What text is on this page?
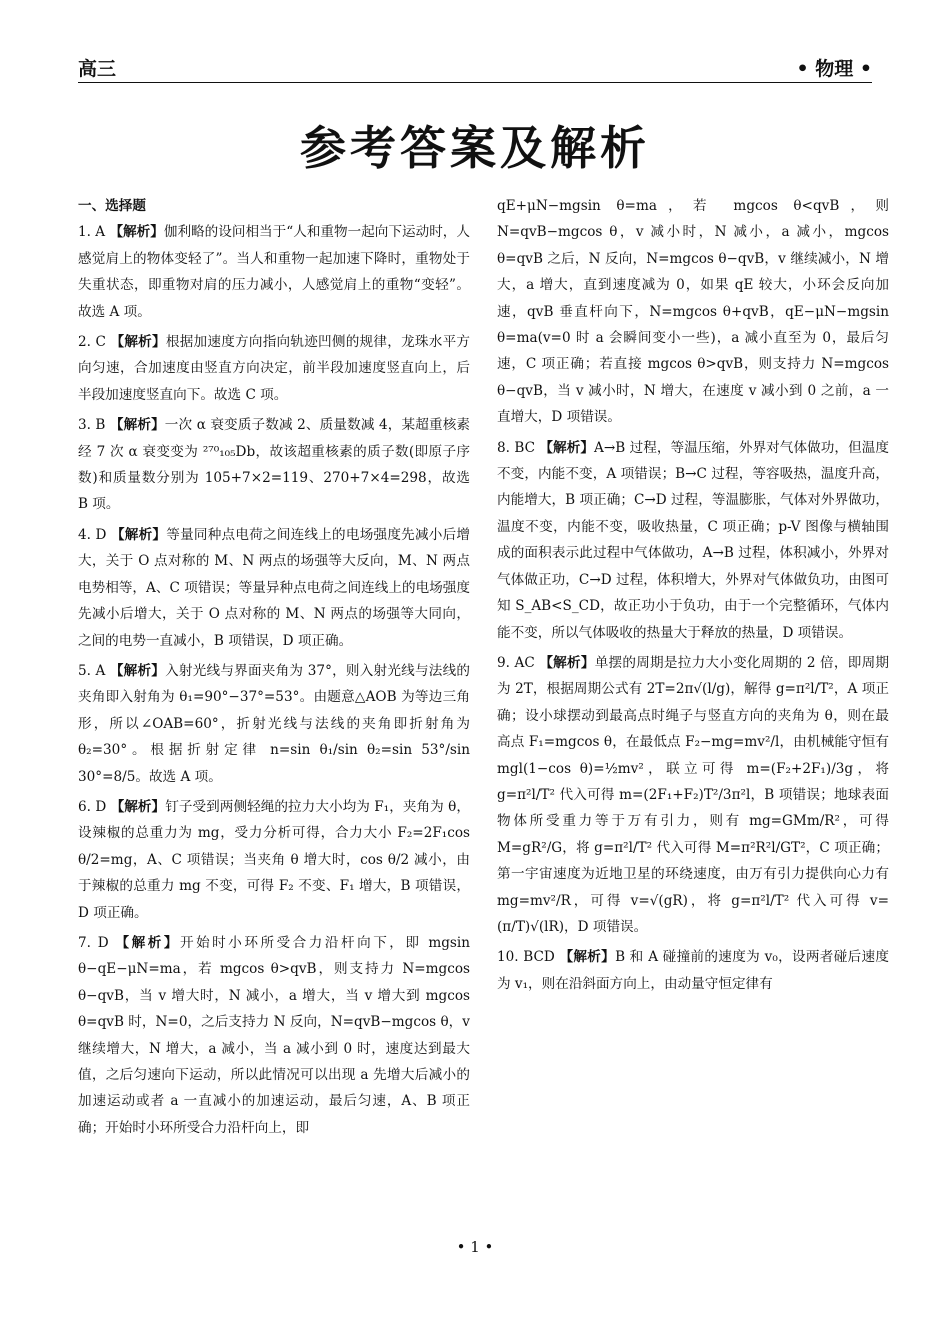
高三	• 物理 •
参考答案及解析
一、选择题
1. A 【解析】伽利略的设问相当于“人和重物一起向下运动时，人感觉肩上的物体变轻了”。当人和重物一起加速下降时，重物处于失重状态，即重物对肩的压力减小，人感觉肩上的重物“变轻”。故选 A 项。
2. C 【解析】根据加速度方向指向轨迹凹侧的规律，龙珠水平方向匀速，合加速度由竖直方向决定，前半段加速度竖直向上，后半段加速度竖直向下。故选 C 项。
3. B 【解析】一次 α 衰变质子数减 2、质量数减 4，某超重核素经 7 次 α 衰变变为 ²⁷⁰₁₀₅Db，故该超重核素的质子数(即原子序数)和质量数分别为 105+7×2=119、270+7×4=298，故选 B 项。
4. D 【解析】等量同种点电荷之间连线上的电场强度先减小后增大，关于 O 点对称的 M、N 两点的场强等大反向，M、N 两点电势相等，A、C 项错误；等量异种点电荷之间连线上的电场强度先减小后增大，关于 O 点对称的 M、N 两点的场强等大同向，之间的电势一直减小，B 项错误，D 项正确。
5. A 【解析】入射光线与界面夹角为 37°，则入射光线与法线的夹角即入射角为 θ₁=90°−37°=53°。由题意△AOB 为等边三角形，所以∠OAB=60°，折射光线与法线的夹角即折射角为 θ₂=30°。根据折射定律 n=sin θ₁/sin θ₂=sin 53°/sin 30°=8/5。故选 A 项。
6. D 【解析】钉子受到两侧轻绳的拉力大小均为 F₁，夹角为 θ，设辣椒的总重力为 mg，受力分析可得，合力大小 F₂=2F₁cos θ/2=mg，A、C 项错误；当夹角 θ 增大时，cos θ/2 减小，由于辣椒的总重力 mg 不变，可得 F₂ 不变、F₁ 增大，B 项错误，D 项正确。
7. D 【解析】开始时小环所受合力沿杆向下，即 mgsin θ−qE−μN=ma，若 mgcos θ>qvB，则支持力 N=mgcos θ−qvB，当 v 增大时，N 减小，a 增大，当 v 增大到 mgcos θ=qvB 时，N=0，之后支持力 N 反向，N=qvB−mgcos θ，v 继续增大，N 增大，a 减小，当 a 减小到 0 时，速度达到最大值，之后匀速向下运动，所以此情况可以出现 a 先增大后减小的加速运动或者 a 一直减小的加速运动，最后匀速，A、B 项正确；开始时小环所受合力沿杆向上，即
qE+μN−mgsin θ=ma，若 mgcos θ<qvB，则 N=qvB−mgcos θ，v 减小时，N 减小，a 减小，mgcos θ=qvB 之后，N 反向，N=mgcos θ−qvB，v 继续减小，N 增大，a 增大，直到速度减为 0，如果 qE 较大，小环会反向加速，qvB 垂直杆向下，N=mgcos θ+qvB，qE−μN−mgsin θ=ma(v=0 时 a 会瞬间变小一些)，a 减小直至为 0，最后匀速，C 项正确；若直接 mgcos θ>qvB，则支持力 N=mgcos θ−qvB，当 v 减小时，N 增大，在速度 v 减小到 0 之前，a 一直增大，D 项错误。
8. BC 【解析】A→B 过程，等温压缩，外界对气体做功，但温度不变，内能不变，A 项错误；B→C 过程，等容吸热，温度升高，内能增大，B 项正确；C→D 过程，等温膨胀，气体对外界做功，温度不变，内能不变，吸收热量，C 项正确；p-V 图像与横轴围成的面积表示此过程中气体做功，A→B 过程，体积减小，外界对气体做正功，C→D 过程，体积增大，外界对气体做负功，由图可知 S_AB<S_CD，故正功小于负功，由于一个完整循环，气体内能不变，所以气体吸收的热量大于释放的热量，D 项错误。
9. AC 【解析】单摆的周期是拉力大小变化周期的 2 倍，即周期为 2T，根据周期公式有 2T=2π√(l/g)，解得 g=π²l/T²，A 项正确；设小球摆动到最高点时绳子与竖直方向的夹角为 θ，则在最高点 F₁=mgcos θ，在最低点 F₂−mg=mv²/l，由机械能守恒有 mgl(1−cos θ)=½mv²，联立可得 m=(F₂+2F₁)/3g，将 g=π²l/T² 代入可得 m=(2F₁+F₂)T²/3π²l，B 项错误；地球表面物体所受重力等于万有引力，则有 mg=GMm/R²，可得 M=gR²/G，将 g=π²l/T² 代入可得 M=π²R²l/GT²，C 项正确；第一宇宙速度为近地卫星的环绕速度，由万有引力提供向心力有 mg=mv²/R，可得 v=√(gR)，将 g=π²l/T² 代入可得 v=(π/T)√(lR)，D 项错误。
10. BCD 【解析】B 和 A 碰撞前的速度为 v₀，设两者碰后速度为 v₁，则在沿斜面方向上，由动量守恒定律有
• 1 •
